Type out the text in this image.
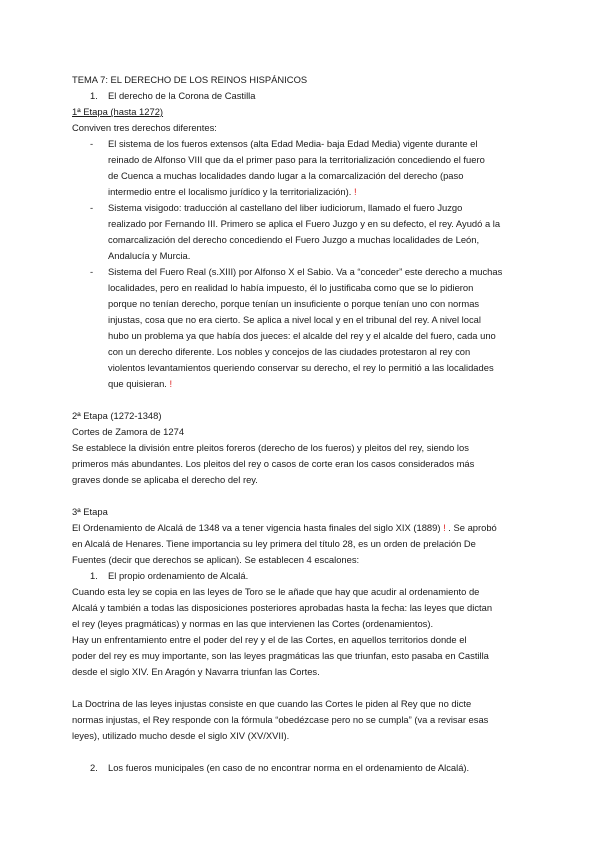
TEMA 7: EL DERECHO DE LOS REINOS HISPÁNICOS
1. El derecho de la Corona de Castilla
1ª Etapa (hasta 1272)
Conviven tres derechos diferentes:
- El sistema de los fueros extensos (alta Edad Media- baja Edad Media) vigente durante el
reinado de Alfonso VIII que da el primer paso para la territorialización concediendo el fuero
de Cuenca a muchas localidades dando lugar a la comarcalización del derecho (paso
intermedio entre el localismo jurídico y la territorialización). !
- Sistema visigodo: traducción al castellano del liber iudiciorum, llamado el fuero Juzgo
realizado por Fernando III. Primero se aplica el Fuero Juzgo y en su defecto, el rey. Ayudó a la
comarcalización del derecho concediendo el Fuero Juzgo a muchas localidades de León,
Andalucía y Murcia.
- Sistema del Fuero Real (s.XIII) por Alfonso X el Sabio. Va a “conceder” este derecho a muchas
localidades, pero en realidad lo había impuesto, él lo justificaba como que se lo pidieron
porque no tenían derecho, porque tenían un insuficiente o porque tenían uno con normas
injustas, cosa que no era cierto. Se aplica a nivel local y en el tribunal del rey. A nivel local
hubo un problema ya que había dos jueces: el alcalde del rey y el alcalde del fuero, cada uno
con un derecho diferente. Los nobles y concejos de las ciudades protestaron al rey con
violentos levantamientos queriendo conservar su derecho, el rey lo permitió a las localidades
que quisieran. !
2ª Etapa (1272-1348)
Cortes de Zamora de 1274
Se establece la división entre pleitos foreros (derecho de los fueros) y pleitos del rey, siendo los
primeros más abundantes. Los pleitos del rey o casos de corte eran los casos considerados más
graves donde se aplicaba el derecho del rey.
3ª Etapa
El Ordenamiento de Alcalá de 1348 va a tener vigencia hasta finales del siglo XIX (1889) ! . Se aprobó
en Alcalá de Henares. Tiene importancia su ley primera del título 28, es un orden de prelación De
Fuentes (decir que derechos se aplican). Se establecen 4 escalones:
1. El propio ordenamiento de Alcalá.
Cuando esta ley se copia en las leyes de Toro se le añade que hay que acudir al ordenamiento de
Alcalá y también a todas las disposiciones posteriores aprobadas hasta la fecha: las leyes que dictan
el rey (leyes pragmáticas) y normas en las que intervienen las Cortes (ordenamientos).
Hay un enfrentamiento entre el poder del rey y el de las Cortes, en aquellos territorios donde el
poder del rey es muy importante, son las leyes pragmáticas las que triunfan, esto pasaba en Castilla
desde el siglo XIV. En Aragón y Navarra triunfan las Cortes.
La Doctrina de las leyes injustas consiste en que cuando las Cortes le piden al Rey que no dicte
normas injustas, el Rey responde con la fórmula “obedézcase pero no se cumpla” (va a revisar esas
leyes), utilizado mucho desde el siglo XIV (XV/XVII).
2. Los fueros municipales (en caso de no encontrar norma en el ordenamiento de Alcalá).
